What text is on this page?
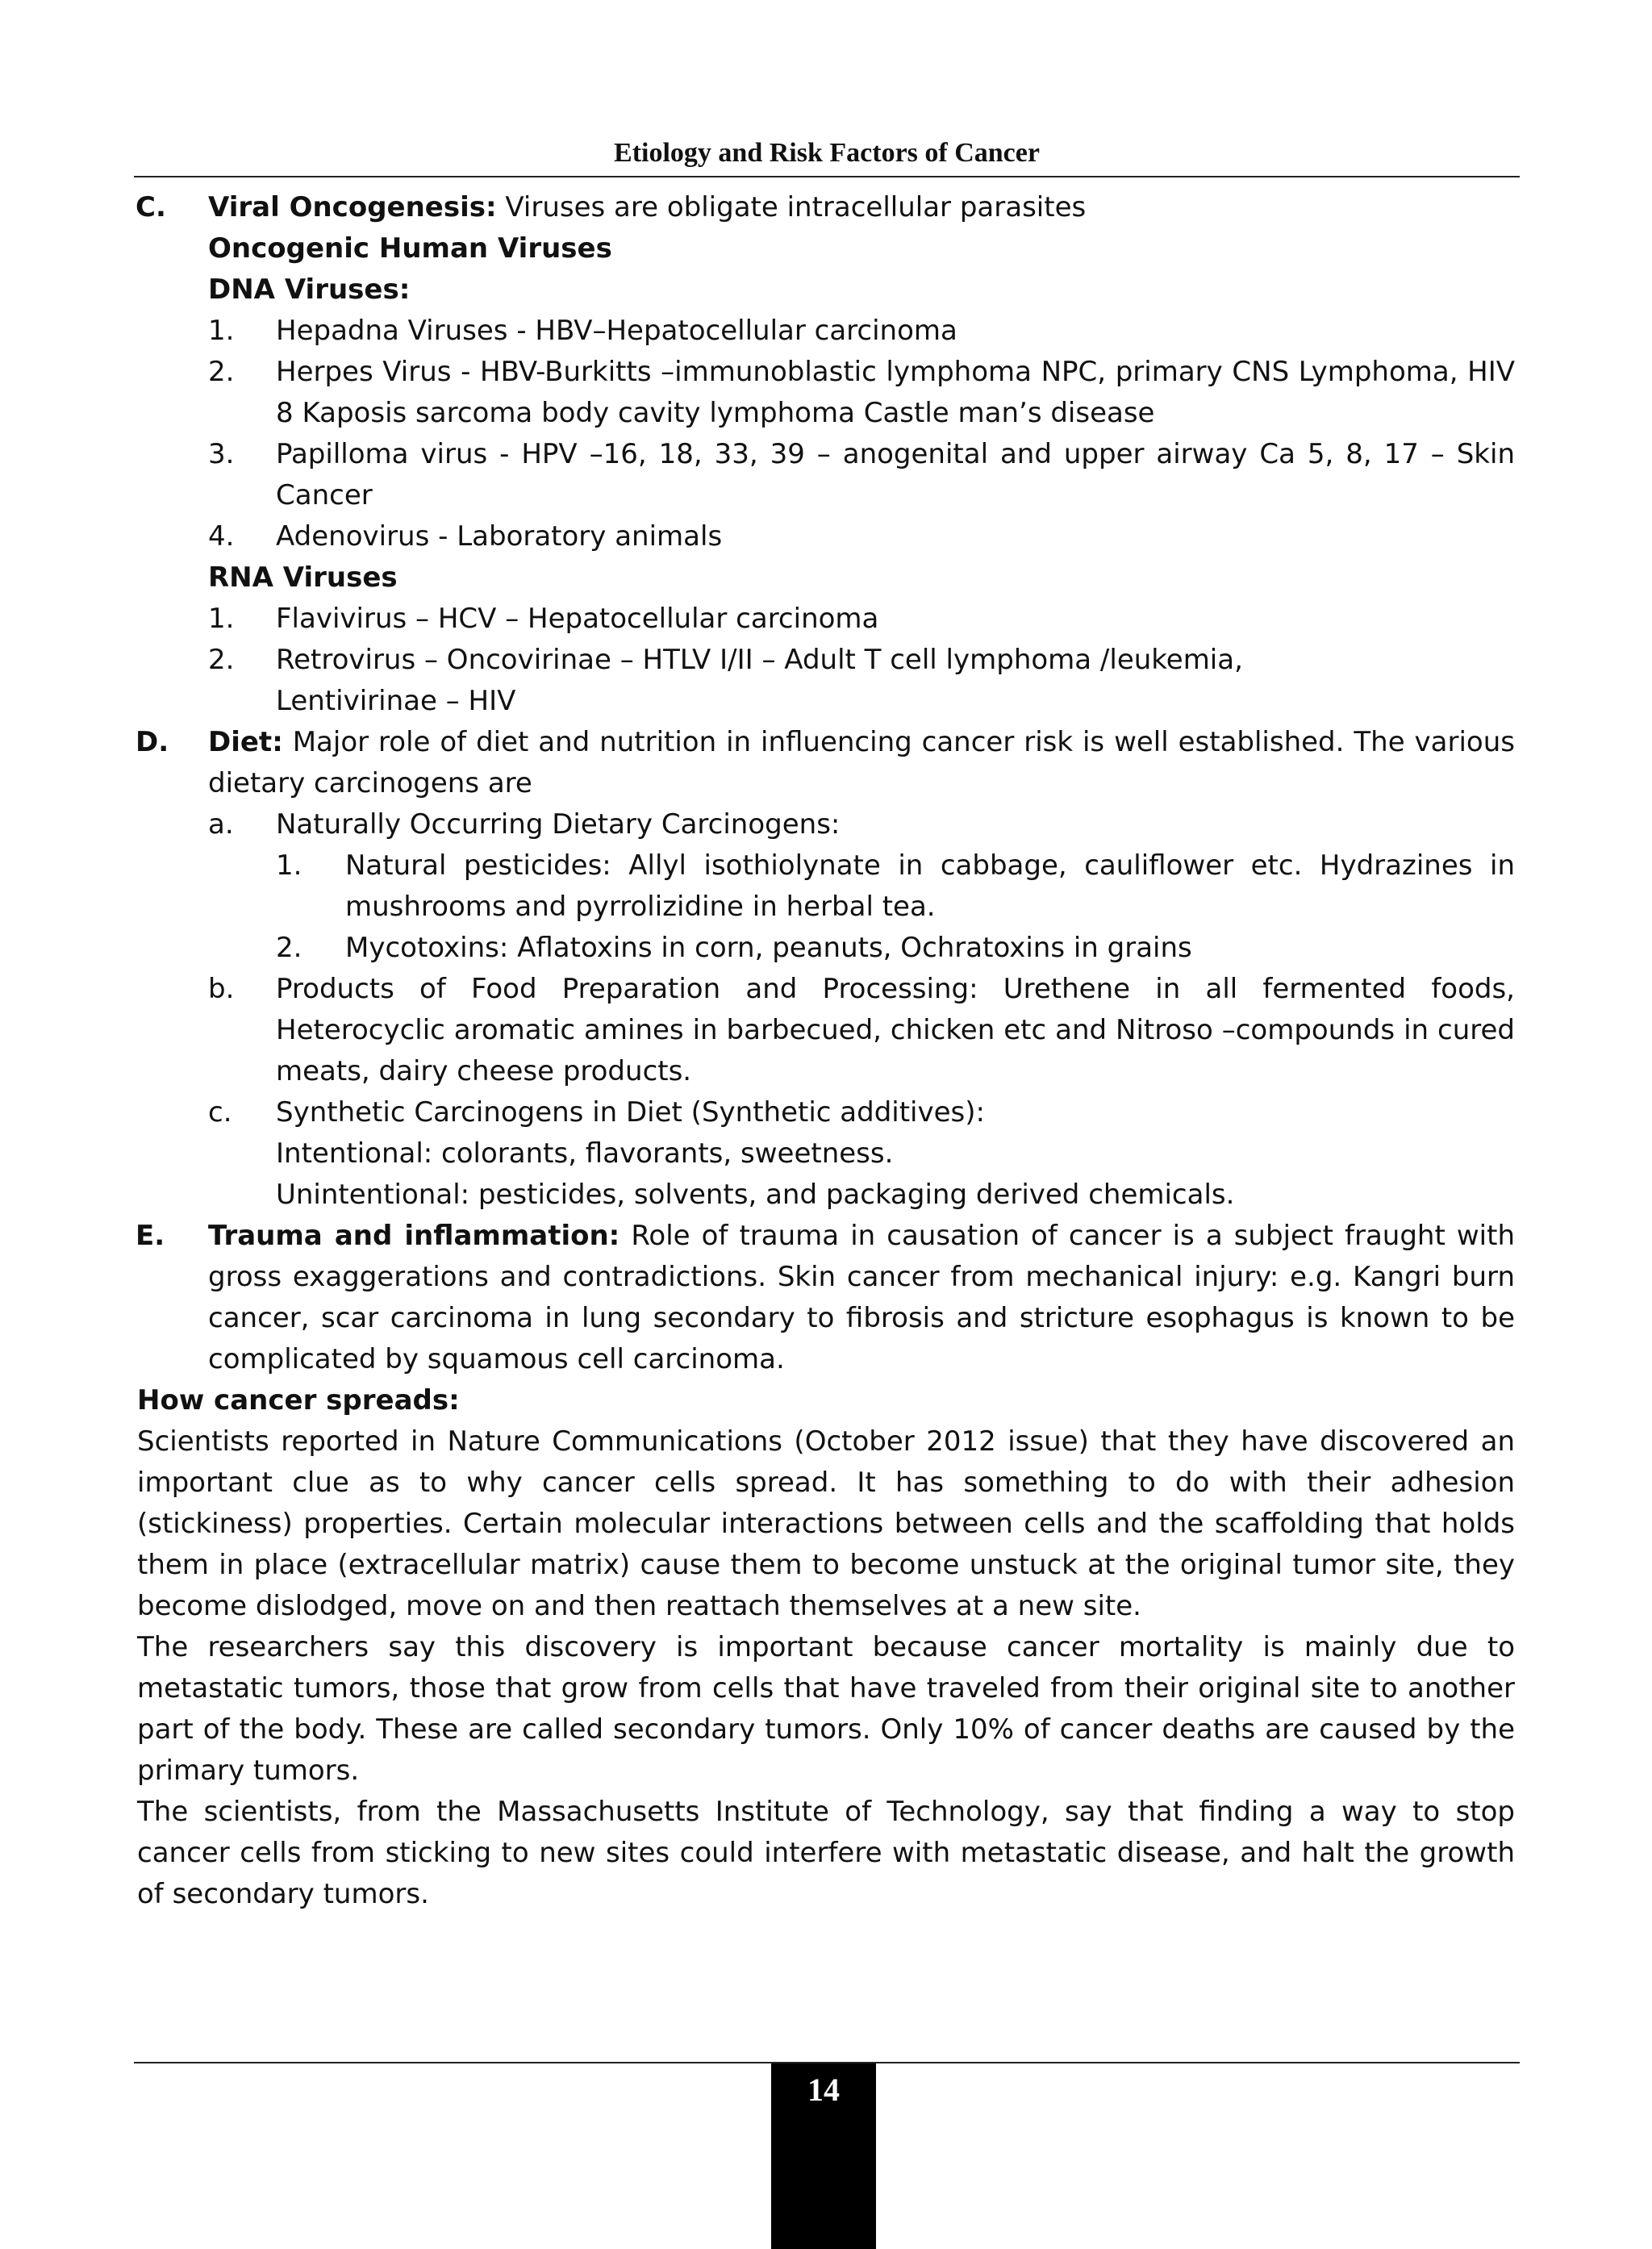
Etiology and Risk Factors of Cancer

C. Viral Oncogenesis: Viruses are obligate intracellular parasites

Oncogenic Human Viruses

DNA Viruses:

1. Hepadna Viruses - HBV–Hepatocellular carcinoma

2. Herpes Virus - HBV-Burkitts –immunoblastic lymphoma NPC, primary CNS Lymphoma, HIV 8 Kaposis sarcoma body cavity lymphoma Castle man’s disease

3. Papilloma virus - HPV –16, 18, 33, 39 – anogenital and upper airway Ca 5, 8, 17 – Skin Cancer

4. Adenovirus - Laboratory animals

RNA Viruses

1. Flavivirus – HCV – Hepatocellular carcinoma

2. Retrovirus – Oncovirinae – HTLV I/II – Adult T cell lymphoma /leukemia,

Lentivirinae – HIV

D. Diet: Major role of diet and nutrition in influencing cancer risk is well established. The various dietary carcinogens are

a. Naturally Occurring Dietary Carcinogens:

1. Natural pesticides: Allyl isothiolynate in cabbage, cauliflower etc. Hydrazines in mushrooms and pyrrolizidine in herbal tea.

2. Mycotoxins: Aflatoxins in corn, peanuts, Ochratoxins in grains

b. Products of Food Preparation and Processing: Urethene in all fermented foods, Heterocyclic aromatic amines in barbecued, chicken etc and Nitroso –compounds in cured meats, dairy cheese products.

c. Synthetic Carcinogens in Diet (Synthetic additives):

Intentional: colorants, flavorants, sweetness.

Unintentional: pesticides, solvents, and packaging derived chemicals.

E. Trauma and inflammation: Role of trauma in causation of cancer is a subject fraught with gross exaggerations and contradictions. Skin cancer from mechanical injury: e.g. Kangri burn cancer, scar carcinoma in lung secondary to fibrosis and stricture esophagus is known to be complicated by squamous cell carcinoma.

How cancer spreads:

Scientists reported in Nature Communications (October 2012 issue) that they have discovered an important clue as to why cancer cells spread. It has something to do with their adhesion (stickiness) properties. Certain molecular interactions between cells and the scaffolding that holds them in place (extracellular matrix) cause them to become unstuck at the original tumor site, they become dislodged, move on and then reattach themselves at a new site.

The researchers say this discovery is important because cancer mortality is mainly due to metastatic tumors, those that grow from cells that have traveled from their original site to another part of the body. These are called secondary tumors. Only 10% of cancer deaths are caused by the primary tumors.

The scientists, from the Massachusetts Institute of Technology, say that finding a way to stop cancer cells from sticking to new sites could interfere with metastatic disease, and halt the growth of secondary tumors.

14
